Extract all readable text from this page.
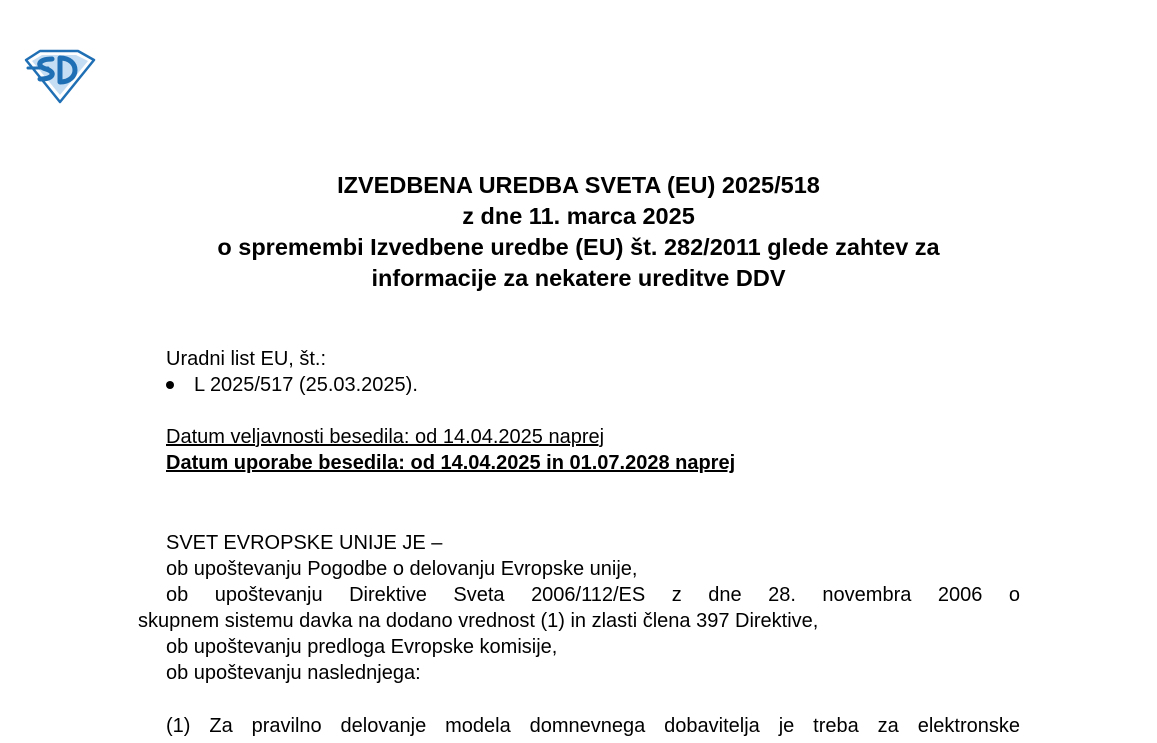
IZVEDBENA UREDBA SVETA (EU) 2025/518
z dne 11. marca 2025
o spremembi Izvedbene uredbe (EU) št. 282/2011 glede zahtev za
informacije za nekatere ureditve DDV
Uradni list EU, št.:
L 2025/517 (25.03.2025).
Datum veljavnosti besedila: od 14.04.2025 naprej
Datum uporabe besedila: od 14.04.2025 in 01.07.2028 naprej
SVET EVROPSKE UNIJE JE –
ob upoštevanju Pogodbe o delovanju Evropske unije,
ob upoštevanju Direktive Sveta 2006/112/ES z dne 28. novembra 2006 o
skupnem sistemu davka na dodano vrednost (1) in zlasti člena 397 Direktive,
ob upoštevanju predloga Evropske komisije,
ob upoštevanju naslednjega:
(1) Za pravilno delovanje modela domnevnega dobavitelja je treba za elektronske
